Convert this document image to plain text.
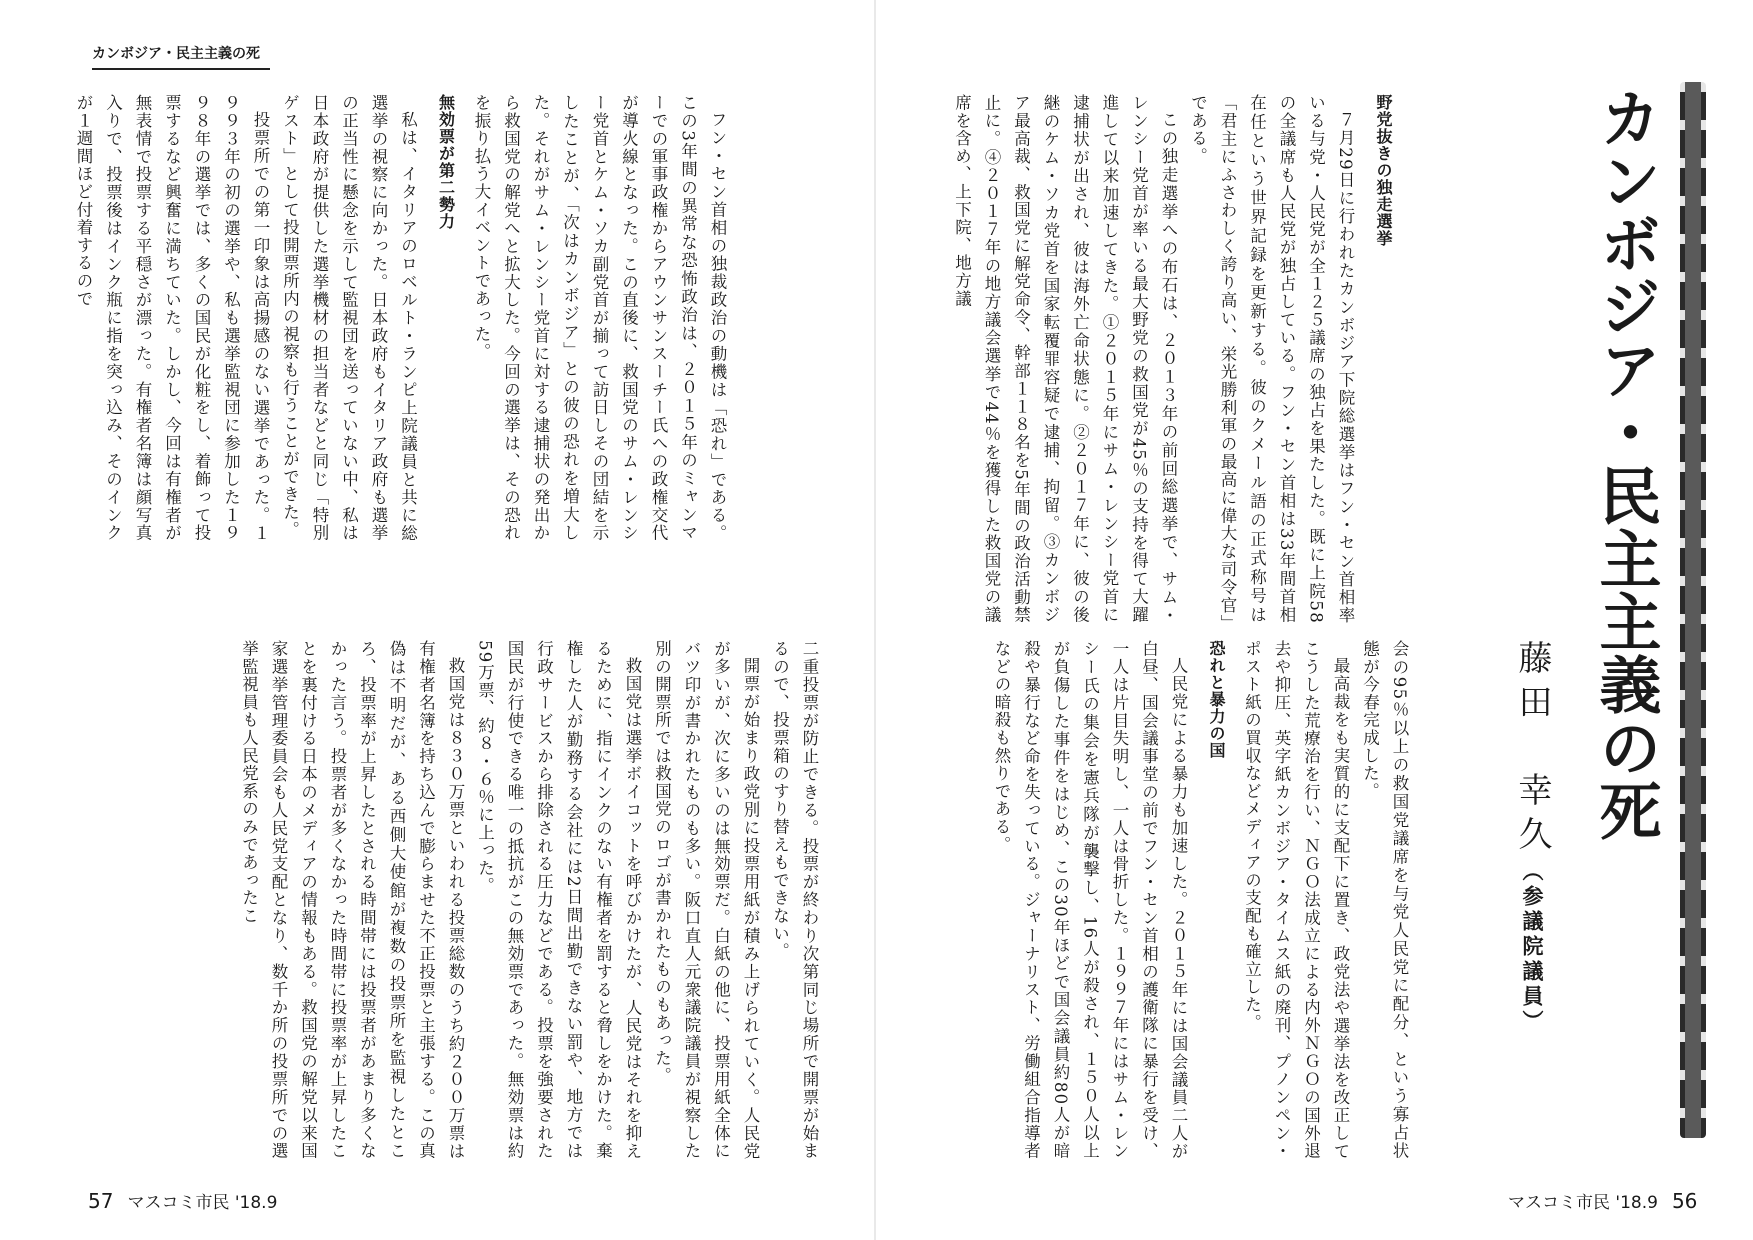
カンボジア・民主主義の死

フン・セン首相の独裁政治の動機は「恐れ」である。この3年間の異常な恐怖政治は、２０１５年のミャンマーでの軍事政権からアウンサンスーチー氏への政権交代が導火線となった。この直後に、救国党のサム・レンシー党首とケム・ソカ副党首が揃って訪日しその団結を示したことが、「次はカンボジア」との彼の恐れを増大した。それがサム・レンシー党首に対する逮捕状の発出から救国党の解党へと拡大した。今回の選挙は、その恐れを振り払う大イベントであった。

無効票が第二勢力

私は、イタリアのロベルト・ランピ上院議員と共に総選挙の視察に向かった。日本政府もイタリア政府も選挙の正当性に懸念を示して監視団を送っていない中、私は日本政府が提供した選挙機材の担当者などと同じ「特別ゲスト」として投開票所内の視察も行うことができた。

投票所での第一印象は高揚感のない選挙であった。１９９３年の初の選挙や、私も選挙監視団に参加した１９９８年の選挙では、多くの国民が化粧をし、着飾って投票するなど興奮に満ちていた。しかし、今回は有権者が無表情で投票する平穏さが漂った。有権者名簿は顔写真入りで、投票後はインク瓶に指を突っ込み、そのインクが１週間ほど付着するので

二重投票が防止できる。投票が終わり次第同じ場所で開票が始まるので、投票箱のすり替えもできない。

開票が始まり政党別に投票用紙が積み上げられていく。人民党が多いが、次に多いのは無効票だ。白紙の他に、投票用紙全体にバツ印が書かれたものも多い。阪口直人元衆議院議員が視察した別の開票所では救国党のロゴが書かれたものもあった。

救国党は選挙ボイコットを呼びかけたが、人民党はそれを抑えるために、指にインクのない有権者を罰すると脅しをかけた。棄権した人が勤務する会社には2日間出勤できない罰や、地方では行政サービスから排除される圧力などである。投票を強要された国民が行使できる唯一の抵抗がこの無効票であった。無効票は約59万票、約８・６％に上った。

救国党は８３０万票といわれる投票総数のうち約２００万票は有権者名簿を持ち込んで膨らませた不正投票と主張する。この真偽は不明だが、ある西側大使館が複数の投票所を監視したところ、投票率が上昇したとされる時間帯には投票者があまり多くなかった言う。投票者が多くなかった時間帯に投票率が上昇したことを裏付ける日本のメディアの情報もある。救国党の解党以来国家選挙管理委員会も人民党支配となり、数千か所の投票所での選挙監視員も人民党系のみであったこ

57 マスコミ市民 '18.9
野党抜きの独走選挙

７月29日に行われたカンボジア下院総選挙はフン・セン首相率いる与党・人民党が全１２５議席の独占を果たした。既に上院58の全議席も人民党が独占している。フン・セン首相は33年間首相在任という世界記録を更新する。彼のクメール語の正式称号は「君主にふさわしく誇り高い、栄光勝利軍の最高に偉大な司令官」である。

この独走選挙への布石は、２０１３年の前回総選挙で、サム・レンシー党首が率いる最大野党の救国党が45％の支持を得て大躍進して以来加速してきた。①２０１５年にサム・レンシー党首に逮捕状が出され、彼は海外亡命状態に。②２０１７年に、彼の後継のケム・ソカ党首を国家転覆罪容疑で逮捕、拘留。③カンボジア最高裁、救国党に解党命令、幹部１１８名を5年間の政治活動禁止に。④２０１７年の地方議会選挙で44％を獲得した救国党の議席を含め、上下院、地方議

会の95％以上の救国党議席を与党人民党に配分、という寡占状態が今春完成した。

最高裁をも実質的に支配下に置き、政党法や選挙法を改正してこうした荒療治を行い、ＮＧＯ法成立による内外ＮＧＯの国外退去や抑圧、英字紙カンボジア・タイムス紙の廃刊、プノンペン・ポスト紙の買収などメディアの支配も確立した。

恐れと暴力の国

人民党による暴力も加速した。２０１５年には国会議員二人が白昼、国会議事堂の前でフン・セン首相の護衛隊に暴行を受け、一人は片目失明し、一人は骨折した。１９９７年にはサム・レンシー氏の集会を憲兵隊が襲撃し、16人が殺され、１５０人以上が負傷した事件をはじめ、この30年ほどで国会議員約80人が暗殺や暴行など命を失っている。ジャーナリスト、労働組合指導者などの暗殺も然りである。	藤田　幸久（参議院議員）
カンボジア・民主主義の死
マスコミ市民 '18.9 56
